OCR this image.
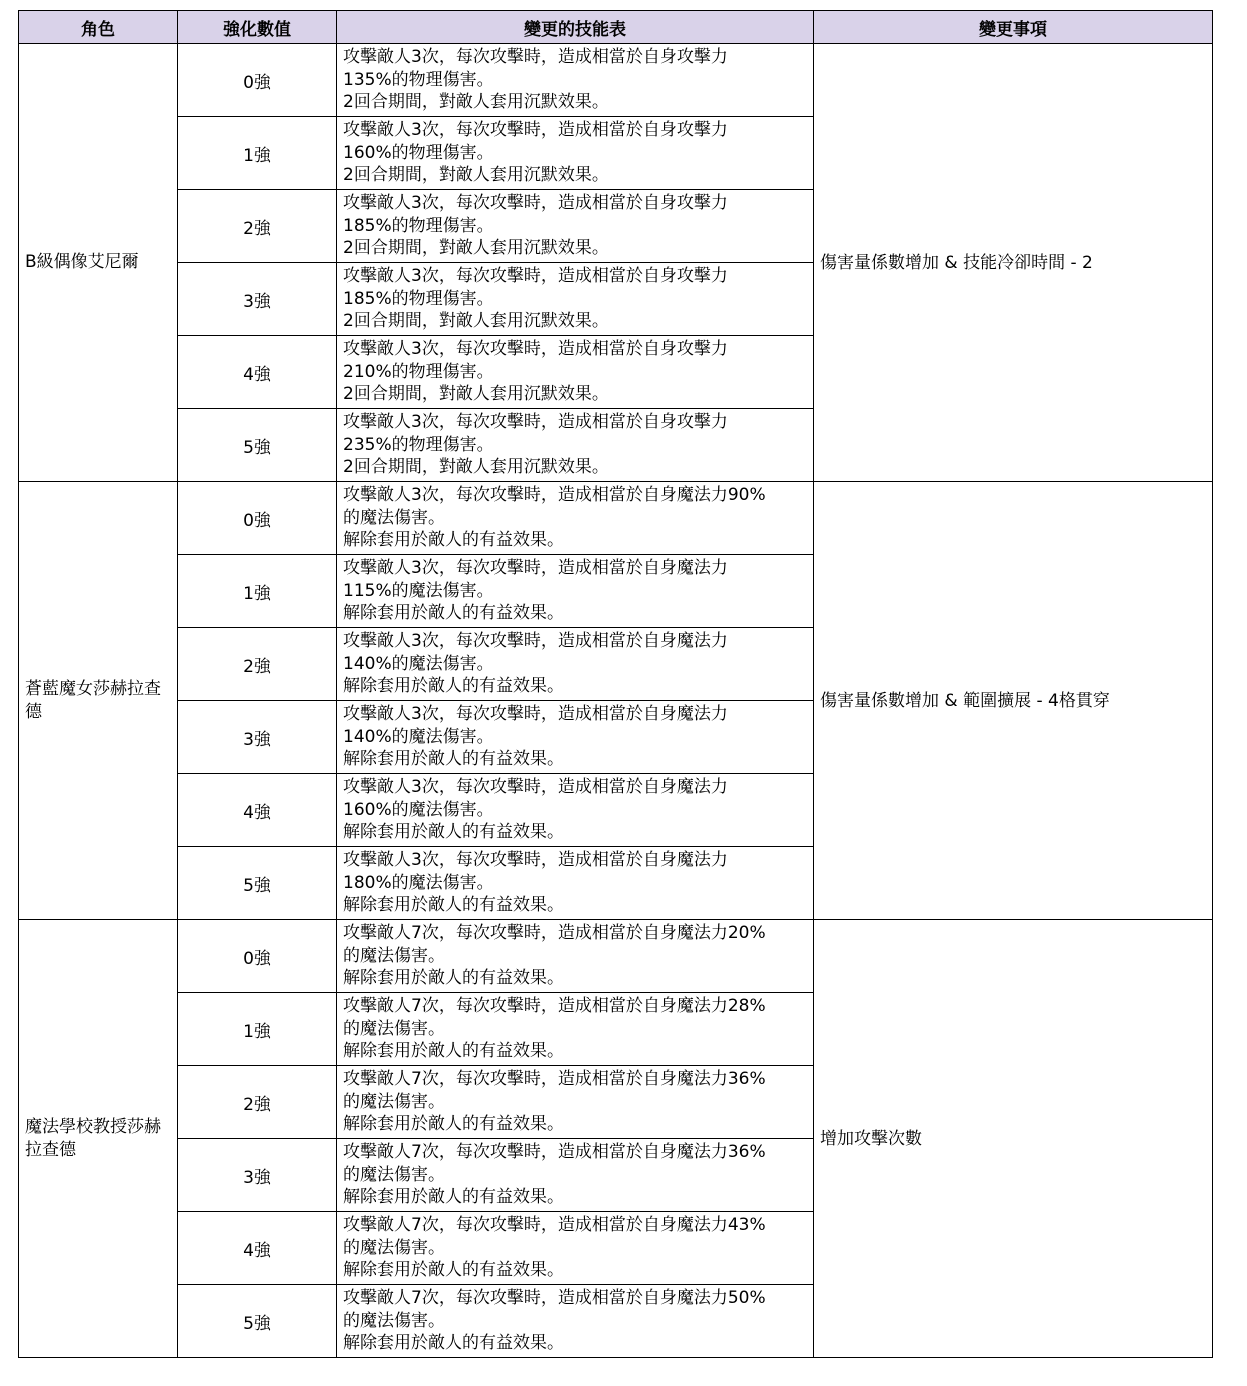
角色	強化數值	變更的技能表	變更事項
B級偶像艾尼爾	0強	攻擊敵人3次，每次攻擊時，造成相當於自身攻擊力
135%的物理傷害。
2回合期間，對敵人套用沉默效果。	傷害量係數增加 & 技能冷卻時間 - 2
	1強	攻擊敵人3次，每次攻擊時，造成相當於自身攻擊力
160%的物理傷害。
2回合期間，對敵人套用沉默效果。	
	2強	攻擊敵人3次，每次攻擊時，造成相當於自身攻擊力
185%的物理傷害。
2回合期間，對敵人套用沉默效果。	
	3強	攻擊敵人3次，每次攻擊時，造成相當於自身攻擊力
185%的物理傷害。
2回合期間，對敵人套用沉默效果。	
	4強	攻擊敵人3次，每次攻擊時，造成相當於自身攻擊力
210%的物理傷害。
2回合期間，對敵人套用沉默效果。	
	5強	攻擊敵人3次，每次攻擊時，造成相當於自身攻擊力
235%的物理傷害。
2回合期間，對敵人套用沉默效果。	
蒼藍魔女莎赫拉查德	0強	攻擊敵人3次，每次攻擊時，造成相當於自身魔法力90%
的魔法傷害。
解除套用於敵人的有益效果。	傷害量係數增加 & 範圍擴展 - 4格貫穿
	1強	攻擊敵人3次，每次攻擊時，造成相當於自身魔法力
115%的魔法傷害。
解除套用於敵人的有益效果。	
	2強	攻擊敵人3次，每次攻擊時，造成相當於自身魔法力
140%的魔法傷害。
解除套用於敵人的有益效果。	
	3強	攻擊敵人3次，每次攻擊時，造成相當於自身魔法力
140%的魔法傷害。
解除套用於敵人的有益效果。	
	4強	攻擊敵人3次，每次攻擊時，造成相當於自身魔法力
160%的魔法傷害。
解除套用於敵人的有益效果。	
	5強	攻擊敵人3次，每次攻擊時，造成相當於自身魔法力
180%的魔法傷害。
解除套用於敵人的有益效果。	
魔法學校教授莎赫拉查德	0強	攻擊敵人7次，每次攻擊時，造成相當於自身魔法力20%
的魔法傷害。
解除套用於敵人的有益效果。	增加攻擊次數
	1強	攻擊敵人7次，每次攻擊時，造成相當於自身魔法力28%
的魔法傷害。
解除套用於敵人的有益效果。	
	2強	攻擊敵人7次，每次攻擊時，造成相當於自身魔法力36%
的魔法傷害。
解除套用於敵人的有益效果。	
	3強	攻擊敵人7次，每次攻擊時，造成相當於自身魔法力36%
的魔法傷害。
解除套用於敵人的有益效果。	
	4強	攻擊敵人7次，每次攻擊時，造成相當於自身魔法力43%
的魔法傷害。
解除套用於敵人的有益效果。	
	5強	攻擊敵人7次，每次攻擊時，造成相當於自身魔法力50%
的魔法傷害。
解除套用於敵人的有益效果。	
